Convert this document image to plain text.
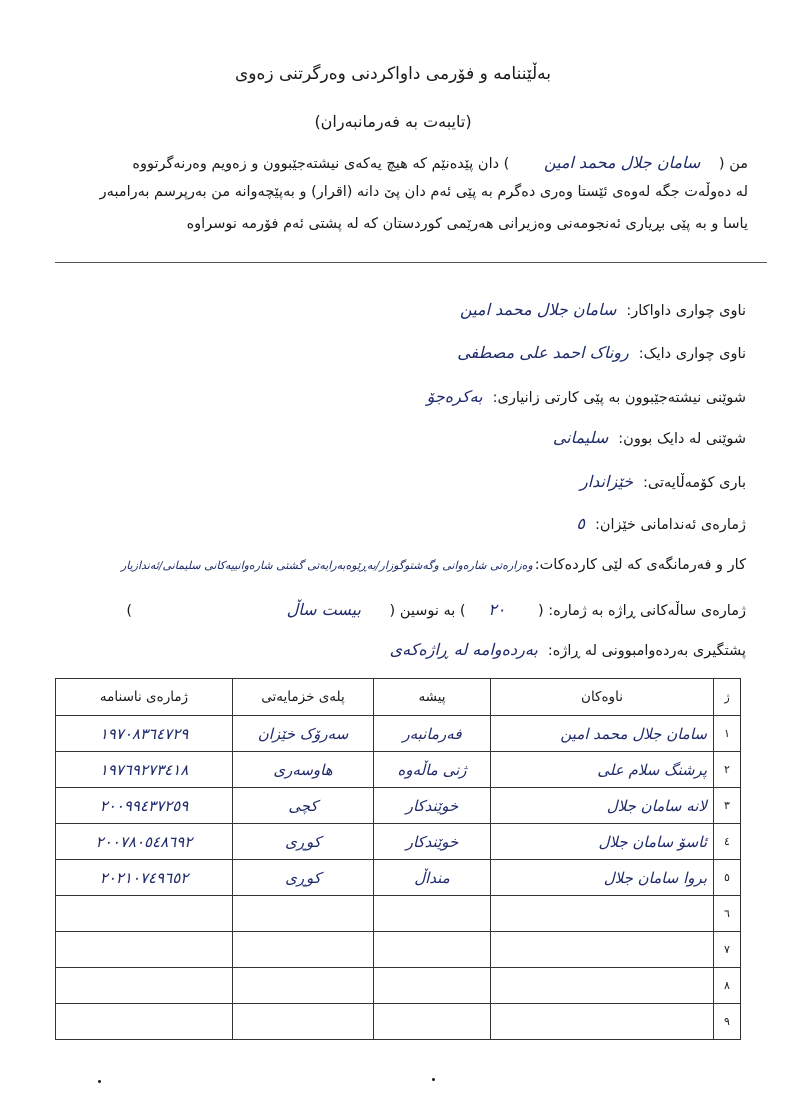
بەڵێننامە و فۆرمی داواکردنی وەرگرتنی زەوی
(تایبەت بە فەرمانبەران)
من ( سامان جلال محمد امین ) دان پێدەنێم کە هیچ یەکەی نیشتەجێبوون و زەویم وەرنەگرتووە
لە دەوڵەت جگە لەوەی ئێستا وەری دەگرم بە پێی ئەم دان پێ دانە (اقرار) و بەپێچەوانە من بەرپرسم بەرامبەر
یاسا و بە پێی بڕیاری ئەنجومەنی وەزیرانی هەرێمی کوردستان کە لە پشتی ئەم فۆرمە نوسراوە
ناوی چواری داواکار:سامان جلال محمد امین
ناوی چواری دایک:روناک احمد علی مصطفی
شوێنی نیشتەجێبوون بە پێی کارتی زانیاری:بەکرەجۆ
شوێنی لە دایک بوون:سلیمانی
باری کۆمەڵایەتی:خێزاندار
ژمارەی ئەندامانی خێزان:٥
کار و فەرمانگەی کە لێی کاردەکات:وەزارەتی شارەوانی وگەشتوگوزار/بەڕێوەبەرایەتی گشتی شارەوانییەکانی سلیمانی/ئەندازیار
ژمارەی ساڵەکانی ڕاژە بە ژمارە: ( ٢٠ ) بە نوسین ( بیست ساڵ )
پشتگیری بەردەوامبوونی لە ڕاژە:بەردەوامە لە ڕاژەکەی
ژ	ناوەکان	پیشە	پلەی خزمایەتی	ژمارەی ناسنامە
١	سامان جلال محمد امین	فەرمانبەر	سەرۆک خێزان	١٩٧٠٨٣٦٤٧٢٩
٢	پرشنگ سلام علی	ژنی ماڵەوە	هاوسەری	١٩٧٦٩٢٧٣٤١٨
٣	لانە سامان جلال	خوێندکار	کچی	٢٠٠٩٩٤٣٧٢٥٩
٤	ئاسۆ سامان جلال	خوێندکار	کوڕی	٢٠٠٧٨٠٥٤٨٦٩٢
٥	بروا سامان جلال	منداڵ	کوڕی	٢٠٢١٠٧٤٩٦٥٢
٦				
٧				
٨				
٩				
